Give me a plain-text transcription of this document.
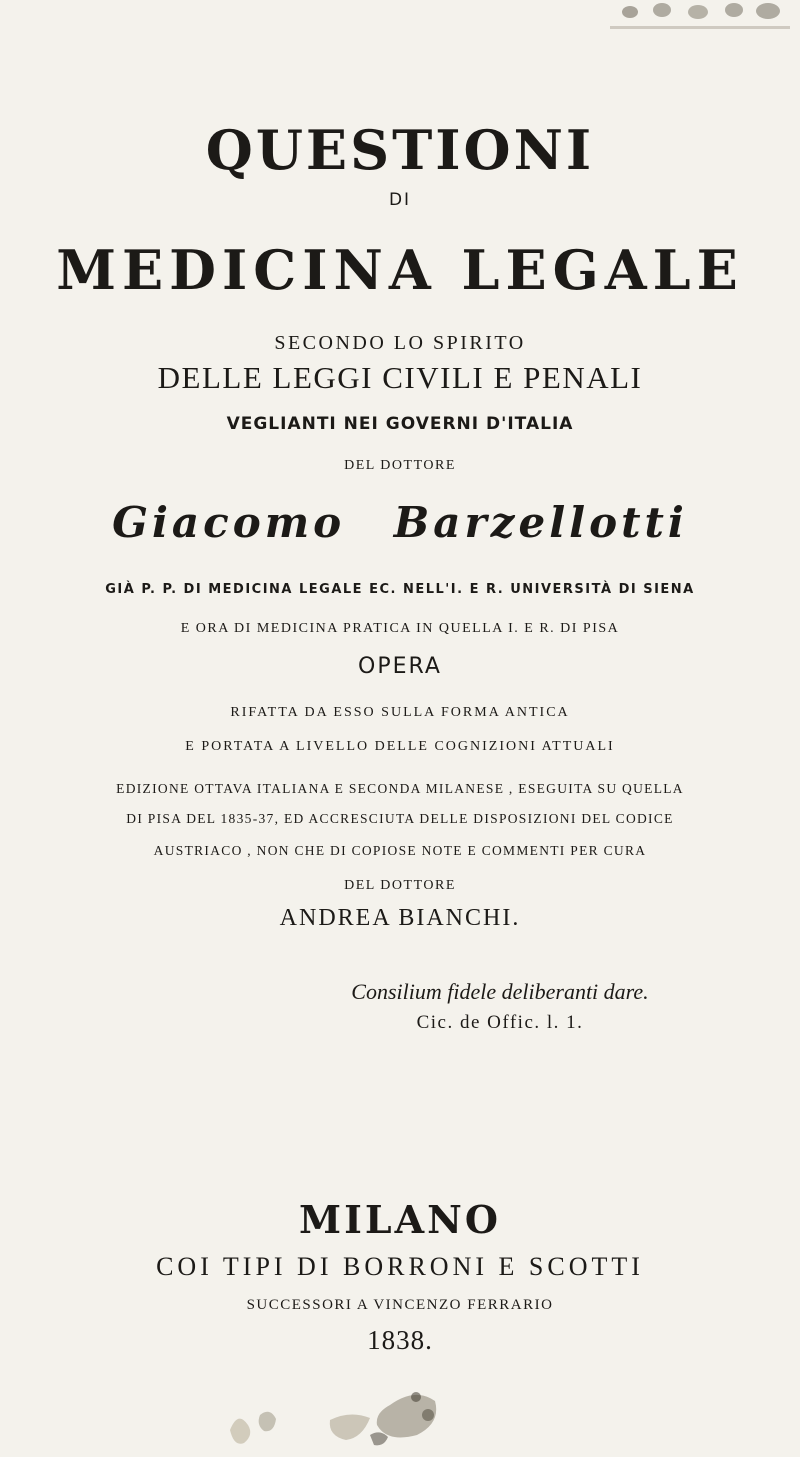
QUESTIONI
DI
MEDICINA LEGALE
SECONDO LO SPIRITO
DELLE LEGGI CIVILI E PENALI
VEGLIANTI NEI GOVERNI D'ITALIA
DEL DOTTORE
Giacomo Barzellotti
GIÀ P. P. DI MEDICINA LEGALE EC. NELL'I. E R. UNIVERSITÀ DI SIENA
E ORA DI MEDICINA PRATICA IN QUELLA I. E R. DI PISA
OPERA
RIFATTA DA ESSO SULLA FORMA ANTICA
E PORTATA A LIVELLO DELLE COGNIZIONI ATTUALI
EDIZIONE OTTAVA ITALIANA E SECONDA MILANESE , ESEGUITA SU QUELLA
DI PISA DEL 1835-37, ED ACCRESCIUTA DELLE DISPOSIZIONI DEL CODICE
AUSTRIACO , NON CHE DI COPIOSE NOTE E COMMENTI PER CURA
DEL DOTTORE
ANDREA BIANCHI.
Consilium fidele deliberanti dare.
Cic. de Offic. l. 1.
MILANO
COI TIPI DI BORRONI E SCOTTI
SUCCESSORI A VINCENZO FERRARIO
1838.
